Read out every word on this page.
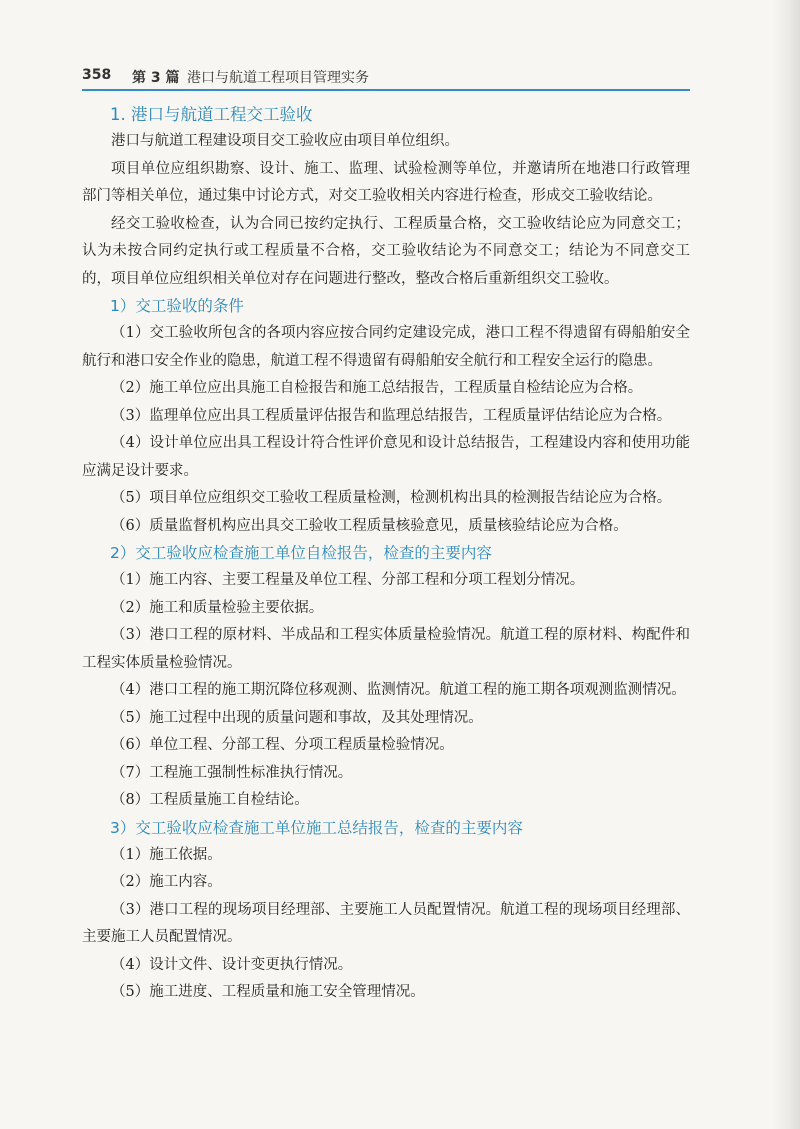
358 第 3 篇 港口与航道工程项目管理实务
1. 港口与航道工程交工验收

港口与航道工程建设项目交工验收应由项目单位组织。

项目单位应组织勘察、设计、施工、监理、试验检测等单位，并邀请所在地港口行政管理部门等相关单位，通过集中讨论方式，对交工验收相关内容进行检查，形成交工验收结论。

经交工验收检查，认为合同已按约定执行、工程质量合格，交工验收结论应为同意交工；认为未按合同约定执行或工程质量不合格，交工验收结论为不同意交工；结论为不同意交工的，项目单位应组织相关单位对存在问题进行整改，整改合格后重新组织交工验收。

1）交工验收的条件

（1）交工验收所包含的各项内容应按合同约定建设完成，港口工程不得遗留有碍船舶安全航行和港口安全作业的隐患，航道工程不得遗留有碍船舶安全航行和工程安全运行的隐患。

（2）施工单位应出具施工自检报告和施工总结报告，工程质量自检结论应为合格。

（3）监理单位应出具工程质量评估报告和监理总结报告，工程质量评估结论应为合格。

（4）设计单位应出具工程设计符合性评价意见和设计总结报告，工程建设内容和使用功能应满足设计要求。

（5）项目单位应组织交工验收工程质量检测，检测机构出具的检测报告结论应为合格。

（6）质量监督机构应出具交工验收工程质量核验意见，质量核验结论应为合格。

2）交工验收应检查施工单位自检报告，检查的主要内容

（1）施工内容、主要工程量及单位工程、分部工程和分项工程划分情况。

（2）施工和质量检验主要依据。

（3）港口工程的原材料、半成品和工程实体质量检验情况。航道工程的原材料、构配件和工程实体质量检验情况。

（4）港口工程的施工期沉降位移观测、监测情况。航道工程的施工期各项观测监测情况。

（5）施工过程中出现的质量问题和事故，及其处理情况。

（6）单位工程、分部工程、分项工程质量检验情况。

（7）工程施工强制性标准执行情况。

（8）工程质量施工自检结论。

3）交工验收应检查施工单位施工总结报告，检查的主要内容

（1）施工依据。

（2）施工内容。

（3）港口工程的现场项目经理部、主要施工人员配置情况。航道工程的现场项目经理部、主要施工人员配置情况。

（4）设计文件、设计变更执行情况。

（5）施工进度、工程质量和施工安全管理情况。
